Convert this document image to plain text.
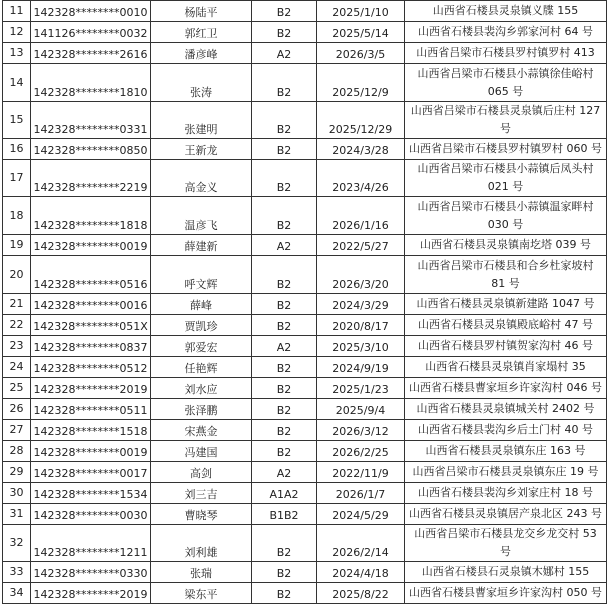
11	142328********0010	杨陆平	B2	2025/1/10	山西省石楼县灵泉镇义牒 155
12	141126********0032	郭红卫	B2	2025/5/14	山西省石楼县裴沟乡郭家河村 64 号
13	142328********2616	潘彦峰	A2	2026/3/5	山西省吕梁市石楼县罗村镇罗村 413
14	142328********1810	张涛	B2	2025/12/9	山西省吕梁市石楼县小蒜镇徐佳峪村 065 号
15	142328********0331	张建明	B2	2025/12/29	山西省吕梁市石楼县灵泉镇后庄村 127 号
16	142328********0850	王新龙	B2	2024/3/28	山西省吕梁市石楼县罗村镇罗村 060 号
17	142328********2219	高金义	B2	2023/4/26	山西省吕梁市石楼县小蒜镇后凤头村 021 号
18	142328********1818	温彦飞	B2	2026/1/16	山西省吕梁市石楼县小蒜镇温家畔村 030 号
19	142328********0019	薛建新	A2	2022/5/27	山西省石楼县灵泉镇南圪塔 039 号
20	142328********0516	呼文辉	B2	2026/3/20	山西省吕梁市石楼县和合乡杜家坡村 81 号
21	142328********0016	薛峰	B2	2024/3/29	山西省石楼县灵泉镇新建路 1047 号
22	142328********051X	贾凯珍	B2	2020/8/17	山西省石楼县灵泉镇殿底峪村 47 号
23	142328********0837	郭爱宏	A2	2025/3/10	山西省石楼县罗村镇贺家沟村 46 号
24	142328********0512	任艳辉	B2	2024/9/19	山西省石楼县灵泉镇肖家塌村 35
25	142328********2019	刘水应	B2	2025/1/23	山西省石楼县曹家垣乡许家沟村 046 号
26	142328********0511	张泽鹏	B2	2025/9/4	山西省石楼县灵泉镇城关村 2402 号
27	142328********1518	宋燕金	B2	2026/3/12	山西省石楼县裴沟乡后土门村 40 号
28	142328********0019	冯建国	B2	2026/2/25	山西省石楼县灵泉镇东庄 163 号
29	142328********0017	高剑	A2	2022/11/9	山西省吕梁市石楼县灵泉镇东庄 19 号
30	142328********1534	刘三吉	A1A2	2026/1/7	山西省石楼县裴沟乡刘家庄村 18 号
31	142328********0030	曹晓琴	B1B2	2024/5/29	山西省石楼县灵泉镇居产泉北区 243 号
32	142328********1211	刘利雄	B2	2026/2/14	山西省吕梁市石楼县龙交乡龙交村 53 号
33	142328********0330	张瑞	B2	2024/4/18	山西省石楼县石灵泉镇木娜村 155
34	142328********2019	梁东平	B2	2025/8/22	山西省石楼县曹家垣乡许家沟村 050 号
